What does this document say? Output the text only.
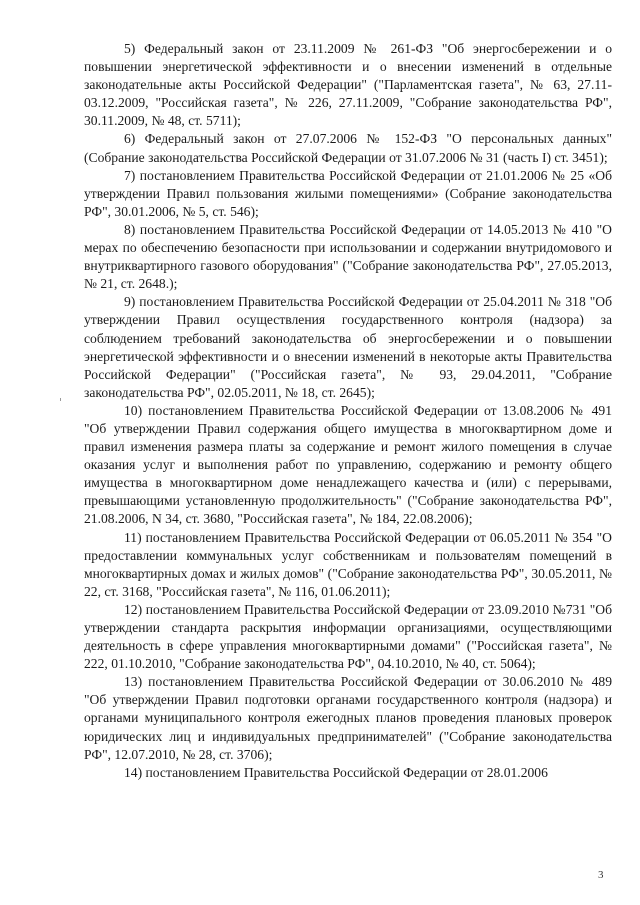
5) Федеральный закон от 23.11.2009 № 261-ФЗ "Об энергосбережении и о повышении энергетической эффективности и о внесении изменений в отдельные законодательные акты Российской Федерации" ("Парламентская газета", № 63, 27.11-03.12.2009, "Российская газета", № 226, 27.11.2009, "Собрание законодательства РФ", 30.11.2009, № 48, ст. 5711);

6) Федеральный закон от 27.07.2006 № 152-ФЗ "О персональных данных" (Собрание законодательства Российской Федерации от 31.07.2006 № 31 (часть I) ст. 3451);

7) постановлением Правительства Российской Федерации от 21.01.2006 № 25 «Об утверждении Правил пользования жилыми помещениями» (Собрание законодательства РФ", 30.01.2006, № 5, ст. 546);

8) постановлением Правительства Российской Федерации от 14.05.2013 № 410 "О мерах по обеспечению безопасности при использовании и содержании внутридомового и внутриквартирного газового оборудования" ("Собрание законодательства РФ", 27.05.2013, № 21, ст. 2648.);

9) постановлением Правительства Российской Федерации от 25.04.2011 № 318 "Об утверждении Правил осуществления государственного контроля (надзора) за соблюдением требований законодательства об энергосбережении и о повышении энергетической эффективности и о внесении изменений в некоторые акты Правительства Российской Федерации" ("Российская газета", № 93, 29.04.2011, "Собрание законодательства РФ", 02.05.2011, № 18, ст. 2645);

10) постановлением Правительства Российской Федерации от 13.08.2006 № 491 "Об утверждении Правил содержания общего имущества в многоквартирном доме и правил изменения размера платы за содержание и ремонт жилого помещения в случае оказания услуг и выполнения работ по управлению, содержанию и ремонту общего имущества в многоквартирном доме ненадлежащего качества и (или) с перерывами, превышающими установленную продолжительность" ("Собрание законодательства РФ", 21.08.2006, N 34, ст. 3680, "Российская газета", № 184, 22.08.2006);

11) постановлением Правительства Российской Федерации от 06.05.2011 № 354 "О предоставлении коммунальных услуг собственникам и пользователям помещений в многоквартирных домах и жилых домов" ("Собрание законодательства РФ", 30.05.2011, № 22, ст. 3168, "Российская газета", № 116, 01.06.2011);

12) постановлением Правительства Российской Федерации от 23.09.2010 №731 "Об утверждении стандарта раскрытия информации организациями, осуществляющими деятельность в сфере управления многоквартирными домами" ("Российская газета", № 222, 01.10.2010, "Собрание законодательства РФ", 04.10.2010, № 40, ст. 5064);

13) постановлением Правительства Российской Федерации от 30.06.2010 № 489 "Об утверждении Правил подготовки органами государственного контроля (надзора) и органами муниципального контроля ежегодных планов проведения плановых проверок юридических лиц и индивидуальных предпринимателей" ("Собрание законодательства РФ", 12.07.2010, № 28, ст. 3706);

14) постановлением Правительства Российской Федерации от 28.01.2006

3
